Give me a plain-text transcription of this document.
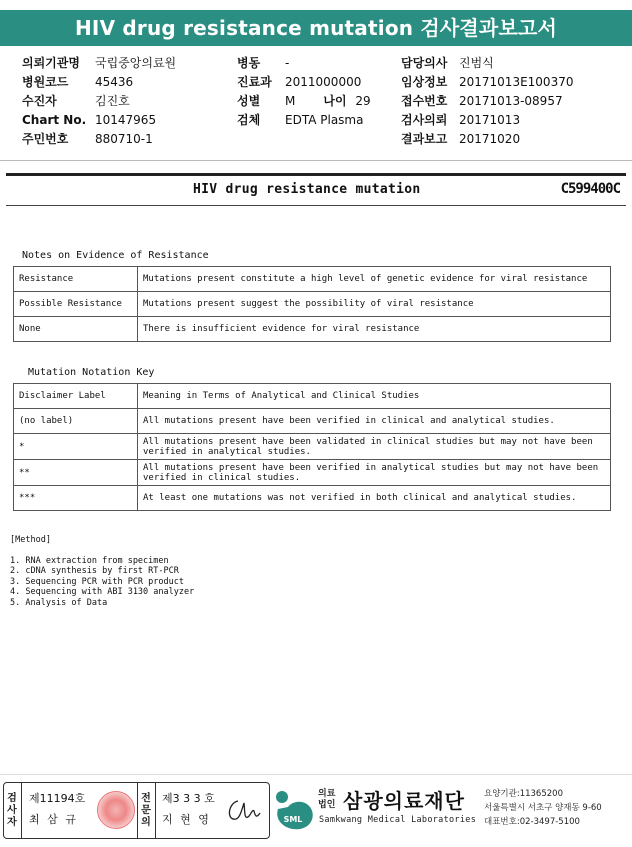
HIV drug resistance mutation 검사결과보고서
의뢰기관명	국립중앙의료원
병원코드	45436
수진자	김진호
Chart No. 10147965
주민번호	880710-1
병동	-
진료과	2011000000
성별	M 나이 29
검체	EDTA Plasma
담당의사 진범식
임상정보 20171013E100370
접수번호 20171013-08957
검사의뢰 20171013
결과보고 20171020
HIV drug resistance mutation	C599400C
Notes on Evidence of Resistance
Resistance	Mutations present constitute a high level of genetic evidence for viral resistance
Possible Resistance	Mutations present suggest the possibility of viral resistance
None	There is insufficient evidence for viral resistance
Mutation Notation Key
Disclaimer Label	Meaning in Terms of Analytical and Clinical Studies
(no label)	All mutations present have been verified in clinical and analytical studies.
*	All mutations present have been validated in clinical studies but may not have been verified in analytical studies.
**	All mutations present have been verified in analytical studies but may not have been verified in clinical studies.
***	At least one mutations was not verified in both clinical and analytical studies.
[Method]
1. RNA extraction from specimen
2. cDNA synthesis by first RT-PCR
3. Sequencing PCR with PCR product
4. Sequencing with ABI 3130 analyzer
5. Analysis of Data
검
사
자
제11194호
최 삼 규
전
문
의
제3 3 3 호
지 현 영	SML
의료
법인 삼광의료재단
Samkwang Medical Laboratories
요양기관:11365200
서울특별시 서초구 양재동 9-60
대표번호:02-3497-5100
